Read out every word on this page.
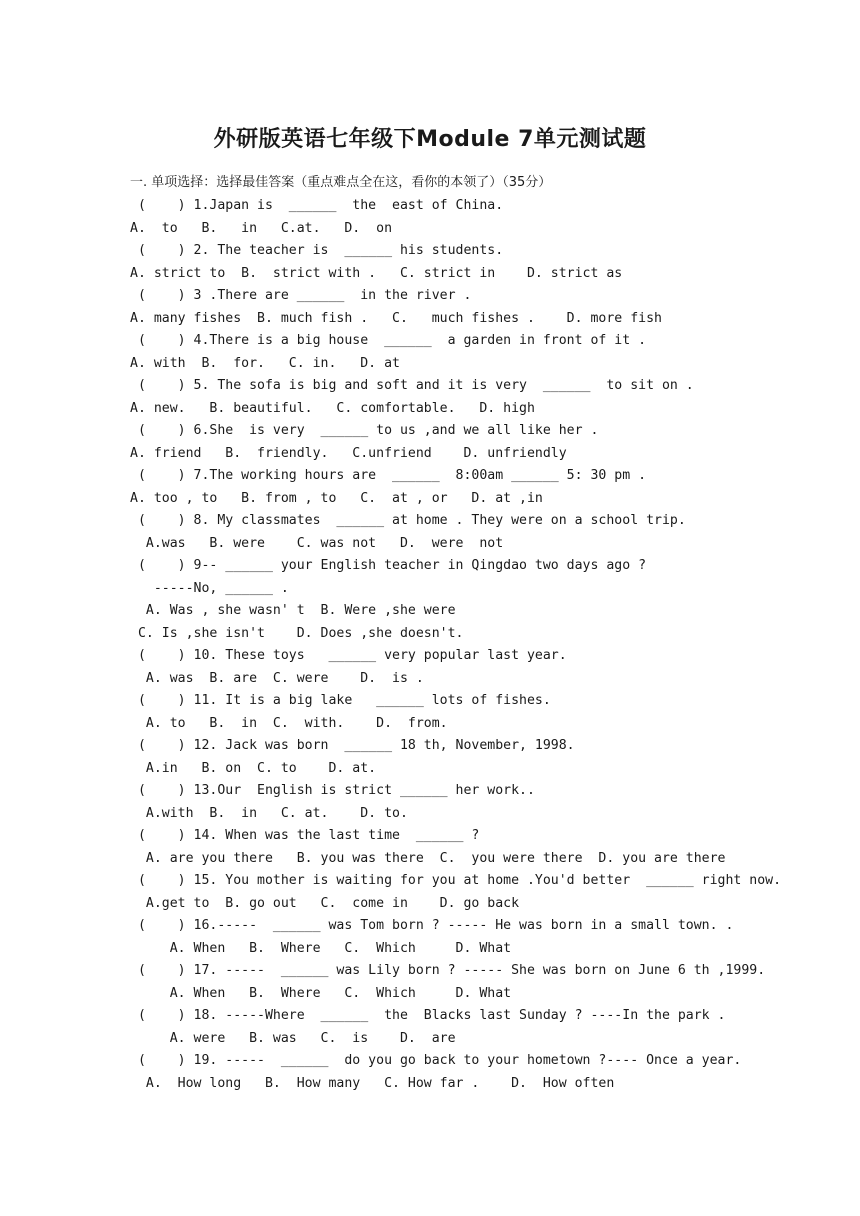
外研版英语七年级下Module 7单元测试题
一. 单项选择：选择最佳答案（重点难点全在这，看你的本领了）（35分）
(    ) 1.Japan is  ______  the  east of China.
A.  to   B.   in   C.at.   D.  on
(    ) 2. The teacher is  ______ his students.
A. strict to  B.  strict with .   C. strict in    D. strict as
(    ) 3 .There are ______  in the river .
A. many fishes  B. much fish .   C.   much fishes .    D. more fish
(    ) 4.There is a big house  ______  a garden in front of it .
A. with  B.  for.   C. in.   D. at
(    ) 5. The sofa is big and soft and it is very  ______  to sit on .
A. new.   B. beautiful.   C. comfortable.   D. high
(    ) 6.She  is very  ______ to us ,and we all like her .
A. friend   B.  friendly.   C.unfriend    D. unfriendly
(    ) 7.The working hours are  ______  8:00am ______ 5: 30 pm .
A. too , to   B. from , to   C.  at , or   D. at ,in
(    ) 8. My classmates  ______ at home . They were on a school trip.
A.was   B. were    C. was not   D.  were  not
(    ) 9-- ______ your English teacher in Qingdao two days ago ?
-----No, ______ .
A. Was , she wasn' t  B. Were ,she were
C. Is ,she isn't    D. Does ,she doesn't.
(    ) 10. These toys   ______ very popular last year.
A. was  B. are  C. were    D.  is .
(    ) 11. It is a big lake   ______ lots of fishes.
A. to   B.  in  C.  with.    D.  from.
(    ) 12. Jack was born  ______ 18 th, November, 1998.
A.in   B. on  C. to    D. at.
(    ) 13.Our  English is strict ______ her work..
A.with  B.  in   C. at.    D. to.
(    ) 14. When was the last time  ______ ?
A. are you there   B. you was there  C.  you were there  D. you are there
(    ) 15. You mother is waiting for you at home .You'd better  ______ right now.
A.get to  B. go out   C.  come in    D. go back
(    ) 16.-----  ______ was Tom born ? ----- He was born in a small town. .
A. When   B.  Where   C.  Which     D. What
(    ) 17. -----  ______ was Lily born ? ----- She was born on June 6 th ,1999.
A. When   B.  Where   C.  Which     D. What
(    ) 18. -----Where  ______  the  Blacks last Sunday ? ----In the park .
A. were   B. was   C.  is    D.  are
(    ) 19. -----  ______  do you go back to your hometown ?---- Once a year.
A.  How long   B.  How many   C. How far .    D.  How often
